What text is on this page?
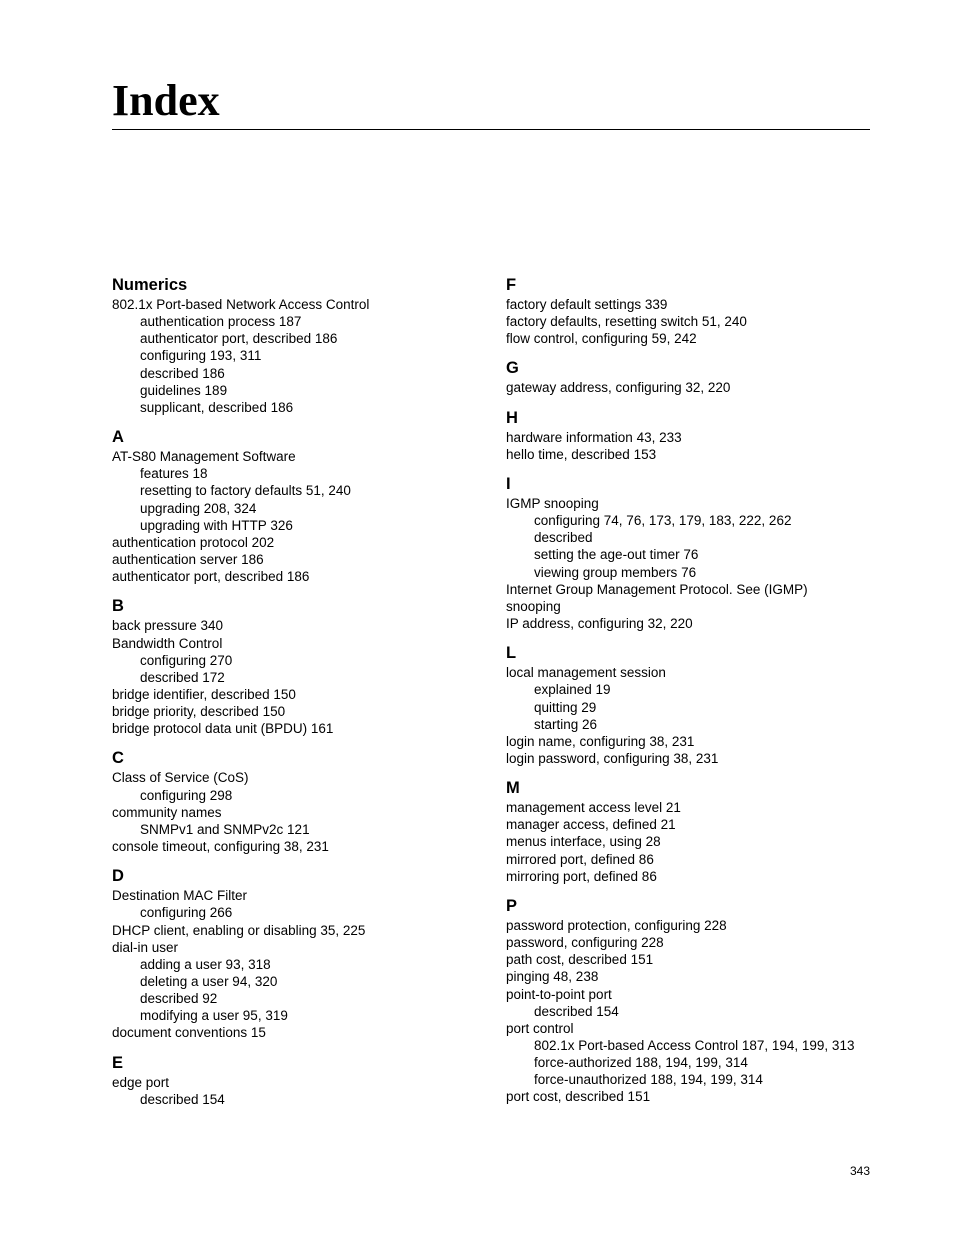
Index
Numerics
802.1x Port-based Network Access Control
authentication process 187
authenticator port, described 186
configuring 193, 311
described 186
guidelines 189
supplicant, described 186
A
AT-S80 Management Software
features 18
resetting to factory defaults 51, 240
upgrading 208, 324
upgrading with HTTP 326
authentication protocol 202
authentication server 186
authenticator port, described 186
B
back pressure 340
Bandwidth Control
configuring 270
described 172
bridge identifier, described 150
bridge priority, described 150
bridge protocol data unit (BPDU) 161
C
Class of Service (CoS)
configuring 298
community names
SNMPv1 and SNMPv2c 121
console timeout, configuring 38, 231
D
Destination MAC Filter
configuring 266
DHCP client, enabling or disabling 35, 225
dial-in user
adding a user 93, 318
deleting a user 94, 320
described 92
modifying a user 95, 319
document conventions 15
E
edge port
described 154
F
factory default settings 339
factory defaults, resetting switch 51, 240
flow control, configuring 59, 242
G
gateway address, configuring 32, 220
H
hardware information 43, 233
hello time, described 153
I
IGMP snooping
configuring 74, 76, 173, 179, 183, 222, 262
described
setting the age-out timer 76
viewing group members 76
Internet Group Management Protocol. See (IGMP) snooping
IP address, configuring 32, 220
L
local management session
explained 19
quitting 29
starting 26
login name, configuring 38, 231
login password, configuring 38, 231
M
management access level 21
manager access, defined 21
menus interface, using 28
mirrored port, defined 86
mirroring port, defined 86
P
password protection, configuring 228
password, configuring 228
path cost, described 151
pinging 48, 238
point-to-point port
described 154
port control
802.1x Port-based Access Control 187, 194, 199, 313
force-authorized 188, 194, 199, 314
force-unauthorized 188, 194, 199, 314
port cost, described 151
343
